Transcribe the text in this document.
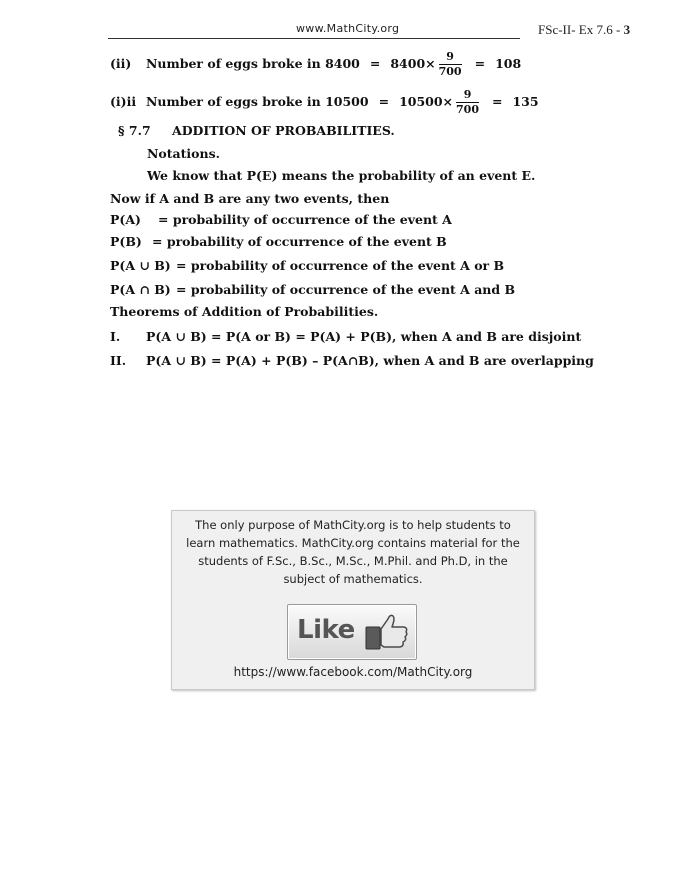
www.MathCity.org	FSc-II- Ex 7.6 - 3
(ii) Number of eggs broke in $8400 = 8400\times \frac{9}{700} = 108$
(i)ii Number of eggs broke in $10500 = 10500\times \frac{9}{700} = 135$
§ 7.7 ADDITION OF PROBABILITIES.
Notations.
We know that P(E) means the probability of an event E.
Now if A and B are any two events, then
P(A) = probability of occurrence of the event A
P(B) = probability of occurrence of the event B
P(A ∪ B) = probability of occurrence of the event A or B
P(A ∩ B) = probability of occurrence of the event A and B
Theorems of Addition of Probabilities.
I. P(A ∪ B) = P(A or B) = P(A) + P(B), when A and B are disjoint
II. P(A ∪ B) = P(A) + P(B) – P(A∩B), when A and B are overlapping
The only purpose of MathCity.org is to help students to learn mathematics. MathCity.org contains material for the students of F.Sc., B.Sc., M.Sc., M.Phil. and Ph.D, in the subject of mathematics.
Like
https://www.facebook.com/MathCity.org
